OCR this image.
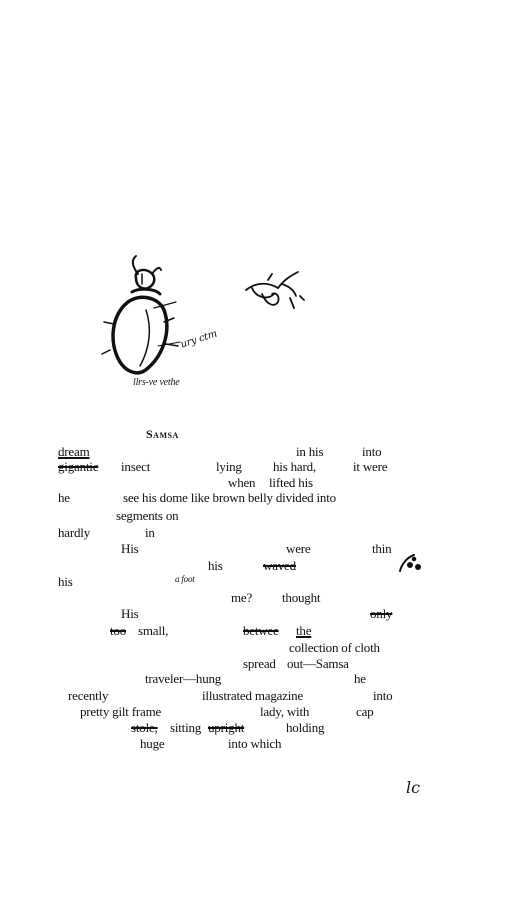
ury ctm
llrs-ve vethe
Samsa
dream	in his	into
gigantic insect	lying his hard,	it were
when lifted his
he	see his dome like brown belly divided into
segments on
hardly	in
His	were	thin
his	waved
his
me? thought
His	only
too small,	betwee the
collection of cloth
spread out—Samsa
traveler—hung	he
recently	illustrated magazine	into
pretty gilt frame	lady, with	cap
stole, sitting upright	holding
huge	into which
a foot
lc
